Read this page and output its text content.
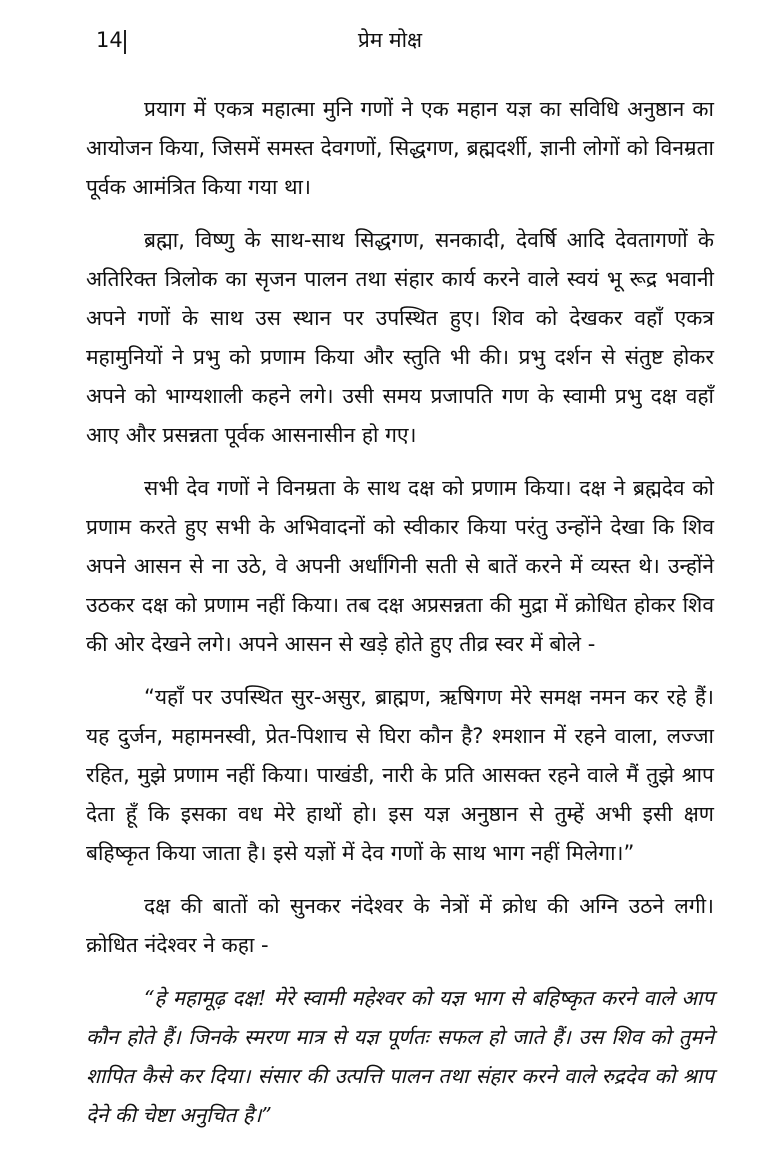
14	प्रेम मोक्ष

प्रयाग में एकत्र महात्मा मुनि गणों ने एक महान यज्ञ का सविधि अनुष्ठान का आयोजन किया, जिसमें समस्त देवगणों, सिद्धगण, ब्रह्मदर्शी, ज्ञानी लोगों को विनम्रता पूर्वक आमंत्रित किया गया था।

ब्रह्मा, विष्णु के साथ-साथ सिद्धगण, सनकादी, देवर्षि आदि देवतागणों के अतिरिक्त त्रिलोक का सृजन पालन तथा संहार कार्य करने वाले स्वयं भू रूद्र भवानी अपने गणों के साथ उस स्थान पर उपस्थित हुए। शिव को देखकर वहाँ एकत्र महामुनियों ने प्रभु को प्रणाम किया और स्तुति भी की। प्रभु दर्शन से संतुष्ट होकर अपने को भाग्यशाली कहने लगे। उसी समय प्रजापति गण के स्वामी प्रभु दक्ष वहाँ आए और प्रसन्नता पूर्वक आसनासीन हो गए।

सभी देव गणों ने विनम्रता के साथ दक्ष को प्रणाम किया। दक्ष ने ब्रह्मदेव को प्रणाम करते हुए सभी के अभिवादनों को स्वीकार किया परंतु उन्होंने देखा कि शिव अपने आसन से ना उठे, वे अपनी अर्धांगिनी सती से बातें करने में व्यस्त थे। उन्होंने उठकर दक्ष को प्रणाम नहीं किया। तब दक्ष अप्रसन्नता की मुद्रा में क्रोधित होकर शिव की ओर देखने लगे। अपने आसन से खड़े होते हुए तीव्र स्वर में बोले -

“यहाँ पर उपस्थित सुर-असुर, ब्राह्मण, ऋषिगण मेरे समक्ष नमन कर रहे हैं। यह दुर्जन, महामनस्वी, प्रेत-पिशाच से घिरा कौन है? श्मशान में रहने वाला, लज्जा रहित, मुझे प्रणाम नहीं किया। पाखंडी, नारी के प्रति आसक्त रहने वाले मैं तुझे श्राप देता हूँ कि इसका वध मेरे हाथों हो। इस यज्ञ अनुष्ठान से तुम्हें अभी इसी क्षण बहिष्कृत किया जाता है। इसे यज्ञों में देव गणों के साथ भाग नहीं मिलेगा।”

दक्ष की बातों को सुनकर नंदेश्वर के नेत्रों में क्रोध की अग्नि उठने लगी। क्रोधित नंदेश्वर ने कहा -

“हे महामूढ़ दक्ष! मेरे स्वामी महेश्वर को यज्ञ भाग से बहिष्कृत करने वाले आप कौन होते हैं। जिनके स्मरण मात्र से यज्ञ पूर्णतः सफल हो जाते हैं। उस शिव को तुमने शापित कैसे कर दिया। संसार की उत्पत्ति पालन तथा संहार करने वाले रुद्रदेव को श्राप देने की चेष्टा अनुचित है।”
